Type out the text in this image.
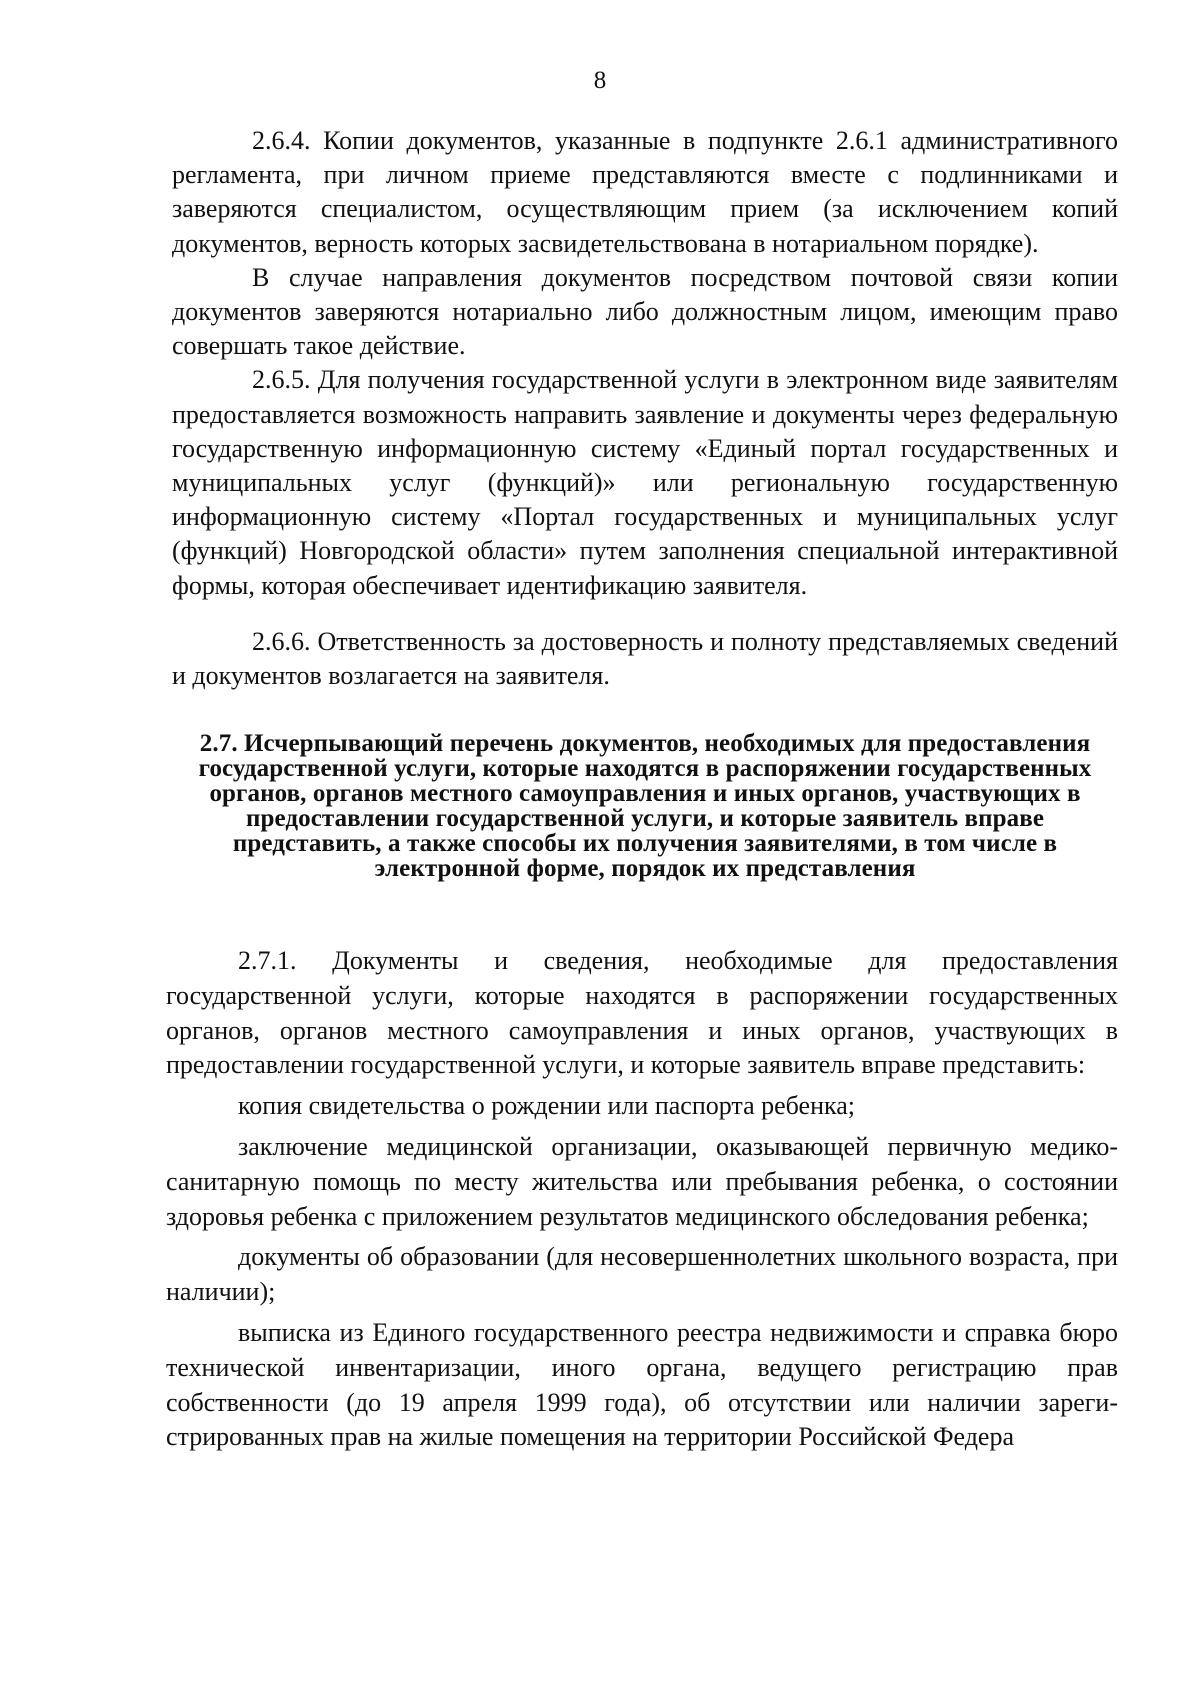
8

2.6.4. Копии документов, указанные в подпункте 2.6.1 административного регламента, при личном приеме представляются вместе с подлинниками и заверяются специалистом, осуществляющим прием (за исключением копий документов, верность которых засвидетельствована в нотариальном порядке).

В случае направления документов посредством почтовой связи копии документов заверяются нотариально либо должностным лицом, имеющим право совершать такое действие.

2.6.5. Для получения государственной услуги в электронном виде заявителям предоставляется возможность направить заявление и документы через федеральную государственную информационную систему «Единый портал государственных и муниципальных услуг (функций)» или региональную государственную информационную систему «Портал государственных и муниципальных услуг (функций) Новгородской области» путем заполнения специальной интерактивной формы, которая обеспечивает идентификацию заявителя.

2.6.6. Ответственность за достоверность и полноту представляемых сведений и документов возлагается на заявителя.

2.7. Исчерпывающий перечень документов, необходимых для предоставления государственной услуги, которые находятся в распоряжении государственных органов, органов местного самоуправления и иных органов, участвующих в предоставлении государственной услуги, и которые заявитель вправе представить, а также способы их получения заявителями, в том числе в электронной форме, порядок их представления

2.7.1. Документы и сведения, необходимые для предоставления государственной услуги, которые находятся в распоряжении государственных органов, органов местного самоуправления и иных органов, участвующих в предоставлении государственной услуги, и которые заявитель вправе представить:

копия свидетельства о рождении или паспорта ребенка;

заключение медицинской организации, оказывающей первичную медико-санитарную помощь по месту жительства или пребывания ребенка, о состоянии здоровья ребенка с приложением результатов медицинского обследования ребенка;

документы об образовании (для несовершеннолетних школьного возраста, при наличии);

выписка из Единого государственного реестра недвижимости и справка бюро технической инвентаризации, иного органа, ведущего регистрацию прав собственности (до 19 апреля 1999 года), об отсутствии или наличии зарегистрированных прав на жилые помещения на территории Российской Федера
